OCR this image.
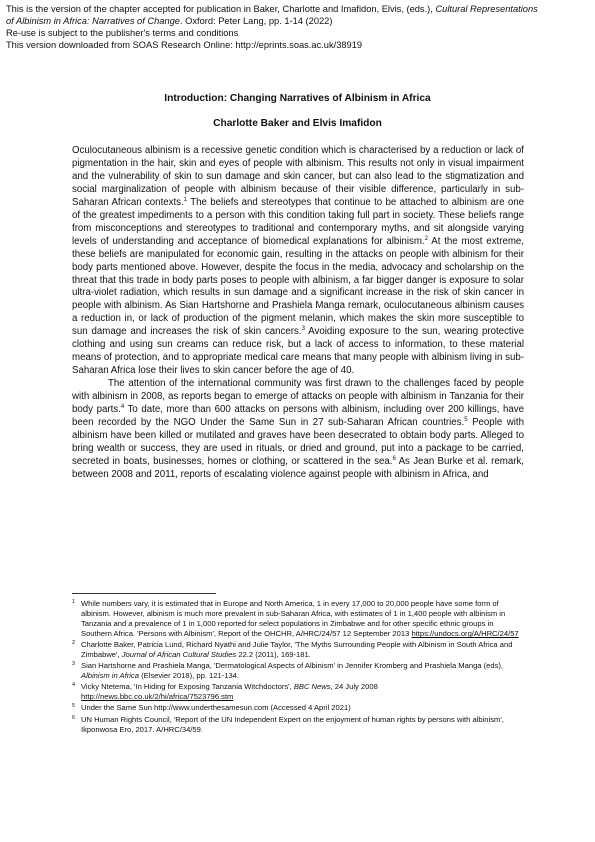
This is the version of the chapter accepted for publication in Baker, Charlotte and Imafidon, Elvis, (eds.), Cultural Representations
of Albinism in Africa: Narratives of Change. Oxford: Peter Lang, pp. 1-14 (2022)
Re-use is subject to the publisher's terms and conditions
This version downloaded from SOAS Research Online: http://eprints.soas.ac.uk/38919
Introduction: Changing Narratives of Albinism in Africa
Charlotte Baker and Elvis Imafidon

Oculocutaneous albinism is a recessive genetic condition which is characterised by a reduction or lack of pigmentation in the hair, skin and eyes of people with albinism. This results not only in visual impairment and the vulnerability of skin to sun damage and skin cancer, but can also lead to the stigmatization and social marginalization of people with albinism because of their visible difference, particularly in sub-Saharan African contexts.$^1$ The beliefs and stereotypes that continue to be attached to albinism are one of the greatest impediments to a person with this condition taking full part in society. These beliefs range from misconceptions and stereotypes to traditional and contemporary myths, and sit alongside varying levels of understanding and acceptance of biomedical explanations for albinism.$^2$ At the most extreme, these beliefs are manipulated for economic gain, resulting in the attacks on people with albinism for their body parts mentioned above. However, despite the focus in the media, advocacy and scholarship on the threat that this trade in body parts poses to people with albinism, a far bigger danger is exposure to solar ultra-violet radiation, which results in sun damage and a significant increase in the risk of skin cancer in people with albinism. As Sian Hartshorne and Prashiela Manga remark, oculocutaneous albinism causes a reduction in, or lack of production of the pigment melanin, which makes the skin more susceptible to sun damage and increases the risk of skin cancers.$^3$ Avoiding exposure to the sun, wearing protective clothing and using sun creams can reduce risk, but a lack of access to information, to these material means of protection, and to appropriate medical care means that many people with albinism living in sub-Saharan Africa lose their lives to skin cancer before the age of 40.

The attention of the international community was first drawn to the challenges faced by people with albinism in 2008, as reports began to emerge of attacks on people with albinism in Tanzania for their body parts.$^4$ To date, more than 600 attacks on persons with albinism, including over 200 killings, have been recorded by the NGO Under the Same Sun in 27 sub-Saharan African countries.$^5$ People with albinism have been killed or mutilated and graves have been desecrated to obtain body parts. Alleged to bring wealth or success, they are used in rituals, or dried and ground, put into a package to be carried, secreted in boats, businesses, homes or clothing, or scattered in the sea.$^6$ As Jean Burke et al. remark, between 2008 and 2011, reports of escalating violence against people with albinism in Africa, and

1 While numbers vary, it is estimated that in Europe and North America, 1 in every 17,000 to 20,000 people have some form of albinism. However, albinism is much more prevalent in sub-Saharan Africa, with estimates of 1 in 1,400 people with albinism in Tanzania and a prevalence of 1 in 1,000 reported for select populations in Zimbabwe and for other specific ethnic groups in Southern Africa. 'Persons with Albinism', Report of the OHCHR, A/HRC/24/57 12 September 2013 https://undocs.org/A/HRC/24/57
2 Charlotte Baker, Patricia Lund, Richard Nyathi and Julie Taylor, 'The Myths Surrounding People with Albinism in South Africa and Zimbabwe', Journal of African Cultural Studies 22.2 (2011), 169-181.
3 Sian Hartshorne and Prashiela Manga, 'Dermatological Aspects of Albinism' in Jennifer Kromberg and Prashiela Manga (eds), Albinism in Africa (Elsevier 2018), pp. 121-134.
4 Vicky Ntetema, 'In Hiding for Exposing Tanzania Witchdoctors', BBC News, 24 July 2008
http://news.bbc.co.uk/2/hi/africa/7523796.stm
5 Under the Same Sun http://www.underthesamesun.com (Accessed 4 April 2021)
6 UN Human Rights Council, 'Report of the UN Independent Expert on the enjoyment of human rights by persons with albinism', Ikponwosa Ero, 2017. A/HRC/34/59.
